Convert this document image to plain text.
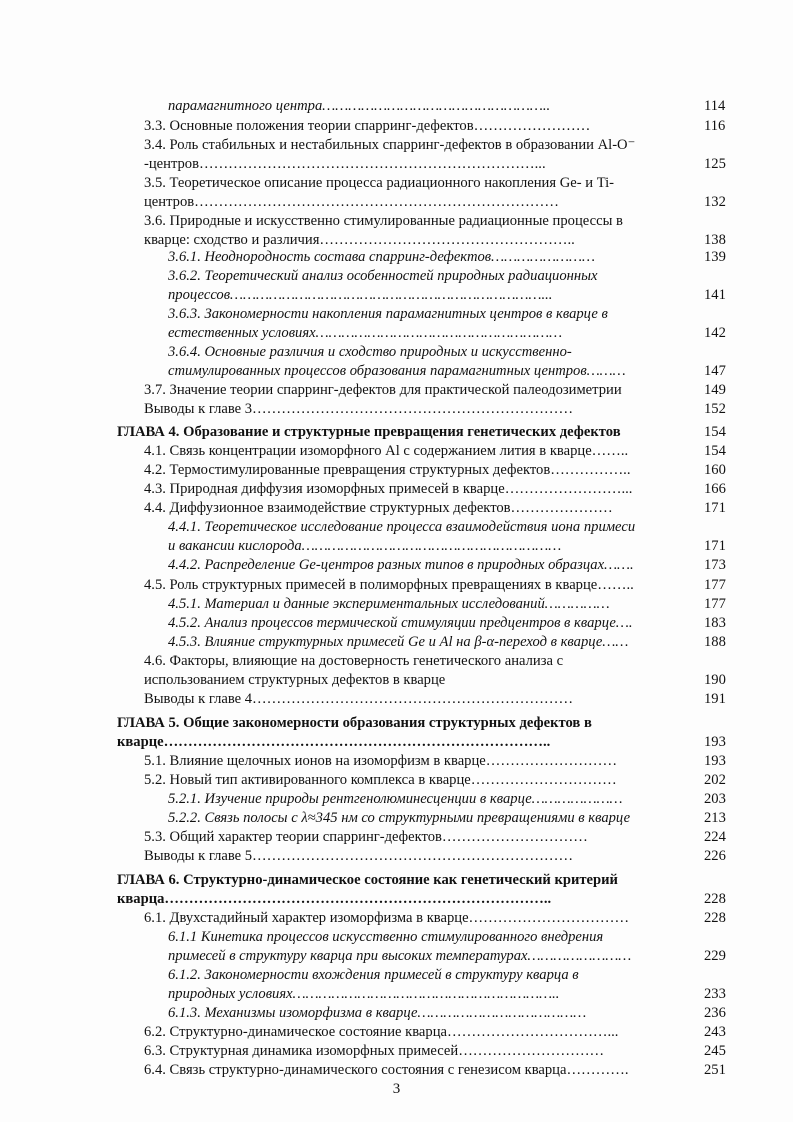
парамагнитного центра……………………………………………..	114
3.3. Основные положения теории спарринг-дефектов……………………	116
3.4. Роль стабильных и нестабильных спарринг-дефектов в образовании Al-O⁻
-центров……………………………………………………………...	125
3.5. Теоретическое описание процесса радиационного накопления Ge- и Ti-
центров…………………………………………………………………	132
3.6. Природные и искусственно стимулированные радиационные процессы в
кварце: сходство и различия……………………………………………..	138
3.6.1. Неоднородность состава спарринг-дефектов……………………	139
3.6.2. Теоретический анализ особенностей природных радиационных
процессов………………………………………………………………...	141
3.6.3. Закономерности накопления парамагнитных центров в кварце в
естественных условиях…………………………………………………	142
3.6.4. Основные различия и сходство природных и искусственно-
стимулированных процессов образования парамагнитных центров………	147
3.7. Значение теории спарринг-дефектов для практической палеодозиметрии	149
Выводы к главе 3…………………………………………………………	152
ГЛАВА 4. Образование и структурные превращения генетических дефектов	154
4.1. Связь концентрации изоморфного Al с содержанием лития в кварце……..	154
4.2. Термостимулированные превращения структурных дефектов……………..	160
4.3. Природная диффузия изоморфных примесей в кварце……………………...	166
4.4. Диффузионное взаимодействие структурных дефектов…………………	171
4.4.1. Теоретическое исследование процесса взаимодействия иона примеси
и вакансии кислорода……………………………………………………	171
4.4.2. Распределение Ge-центров разных типов в природных образцах…….	173
4.5. Роль структурных примесей в полиморфных превращениях в кварце……..	177
4.5.1. Материал и данные экспериментальных исследований……………	177
4.5.2. Анализ процессов термической стимуляции предцентров в кварце….	183
4.5.3. Влияние структурных примесей Ge и Al на β-α-переход в кварце……	188
4.6. Факторы, влияющие на достоверность генетического анализа с
использованием структурных дефектов в кварце	190
Выводы к главе 4…………………………………………………………	191
ГЛАВА 5. Общие закономерности образования структурных дефектов в
кварце……………………………………………………………………..	193
5.1. Влияние щелочных ионов на изоморфизм в кварце………………………	193
5.2. Новый тип активированного комплекса в кварце…………………………	202
5.2.1. Изучение природы рентгенолюминесценции в кварце…………………	203
5.2.2. Связь полосы с λ≈345 нм со структурными превращениями в кварце	213
5.3. Общий характер теории спарринг-дефектов…………………………	224
Выводы к главе 5…………………………………………………………	226
ГЛАВА 6. Структурно-динамическое состояние как генетический критерий
кварца……………………………………………………………………..	228
6.1. Двухстадийный характер изоморфизма в кварце……………………………	228
6.1.1 Кинетика процессов искусственно стимулированного внедрения
примесей в структуру кварца при высоких температурах……………………	229
6.1.2. Закономерности вхождения примесей в структуру кварца в
природных условиях……………………………………………………..	233
6.1.3. Механизмы изоморфизма в кварце…………………………………	236
6.2. Структурно-динамическое состояние кварца……………………………...	243
6.3. Структурная динамика изоморфных примесей…………………………	245
6.4. Связь структурно-динамического состояния с генезисом кварца………….	251
3
